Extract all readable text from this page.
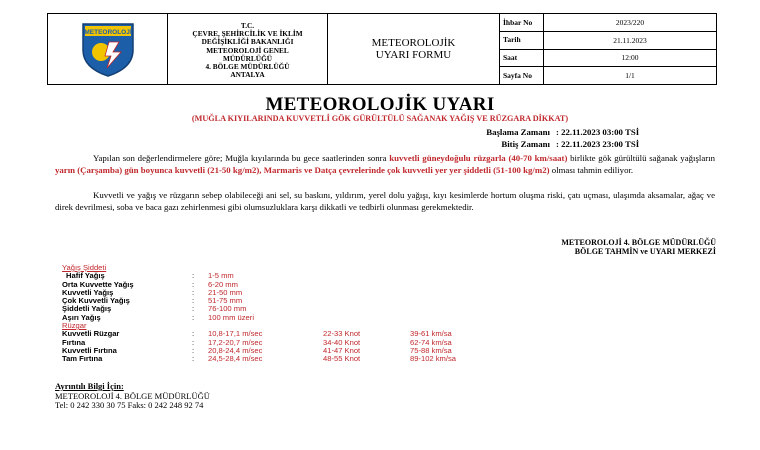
METEOROLOJİ
T.C.
ÇEVRE, ŞEHİRCİLİK VE İKLİM
DEĞİŞİKLİĞİ BAKANLIĞI
METEOROLOJİ GENEL
MÜDÜRLÜĞÜ
4. BÖLGE MÜDÜRLÜĞÜ
ANTALYA
METEOROLOJİK
UYARI FORMU
İhbar No	2023/220
Tarih	21.11.2023
Saat	12:00
Sayfa No	1/1
METEOROLOJİK UYARI
(MUĞLA KIYILARINDA KUVVETLİ GÖK GÜRÜLTÜLÜ SAĞANAK YAĞIŞ VE RÜZGARA DİKKAT)
Başlama Zamanı : 22.11.2023 03:00 TSİ
Bitiş Zamanı : 22.11.2023 23:00 TSİ
Yapılan son değerlendirmelere göre; Muğla kıyılarında bu gece saatlerinden sonra kuvvetli güneydoğulu rüzgarla (40-70 km/saat) birlikte gök gürültülü sağanak yağışların yarın (Çarşamba) gün boyunca kuvvetli (21-50 kg/m2), Marmaris ve Datça çevrelerinde çok kuvvetli yer yer şiddetli (51-100 kg/m2) olması tahmin ediliyor.
Kuvvetli ve yağış ve rüzgarın sebep olabileceği ani sel, su baskını, yıldırım, yerel dolu yağışı, kıyı kesimlerde hortum oluşma riski, çatı uçması, ulaşımda aksamalar, ağaç ve direk devrilmesi, soba ve baca gazı zehirlenmesi gibi olumsuzluklara karşı dikkatli ve tedbirli olunması gerekmektedir.
METEOROLOJİ 4. BÖLGE MÜDÜRLÜĞÜ
BÖLGE TAHMİN ve UYARI MERKEZİ
Yağış Şiddeti
Hafif Yağış	:	1-5 mm
Orta Kuvvette Yağış	:	6-20 mm
Kuvvetli Yağış	:	21-50 mm
Çok Kuvvetli Yağış	:	51-75 mm
Şiddetli Yağış	:	76-100 mm
Aşırı Yağış	:	100 mm üzeri
Rüzgar
Kuvvetli Rüzgar	:	10,8-17,1 m/sec	22-33 Knot	39-61 km/sa
Fırtına	:	17,2-20,7 m/sec	34-40 Knot	62-74 km/sa
Kuvvetli Fırtına	:	20,8-24,4 m/sec	41-47 Knot	75-88 km/sa
Tam Fırtına	:	24,5-28,4 m/sec	48-55 Knot	89-102 km/sa
Ayrıntılı Bilgi İçin:
METEOROLOJİ 4. BÖLGE MÜDÜRLÜĞÜ
Tel: 0 242 330 30 75 Faks: 0 242 248 92 74
